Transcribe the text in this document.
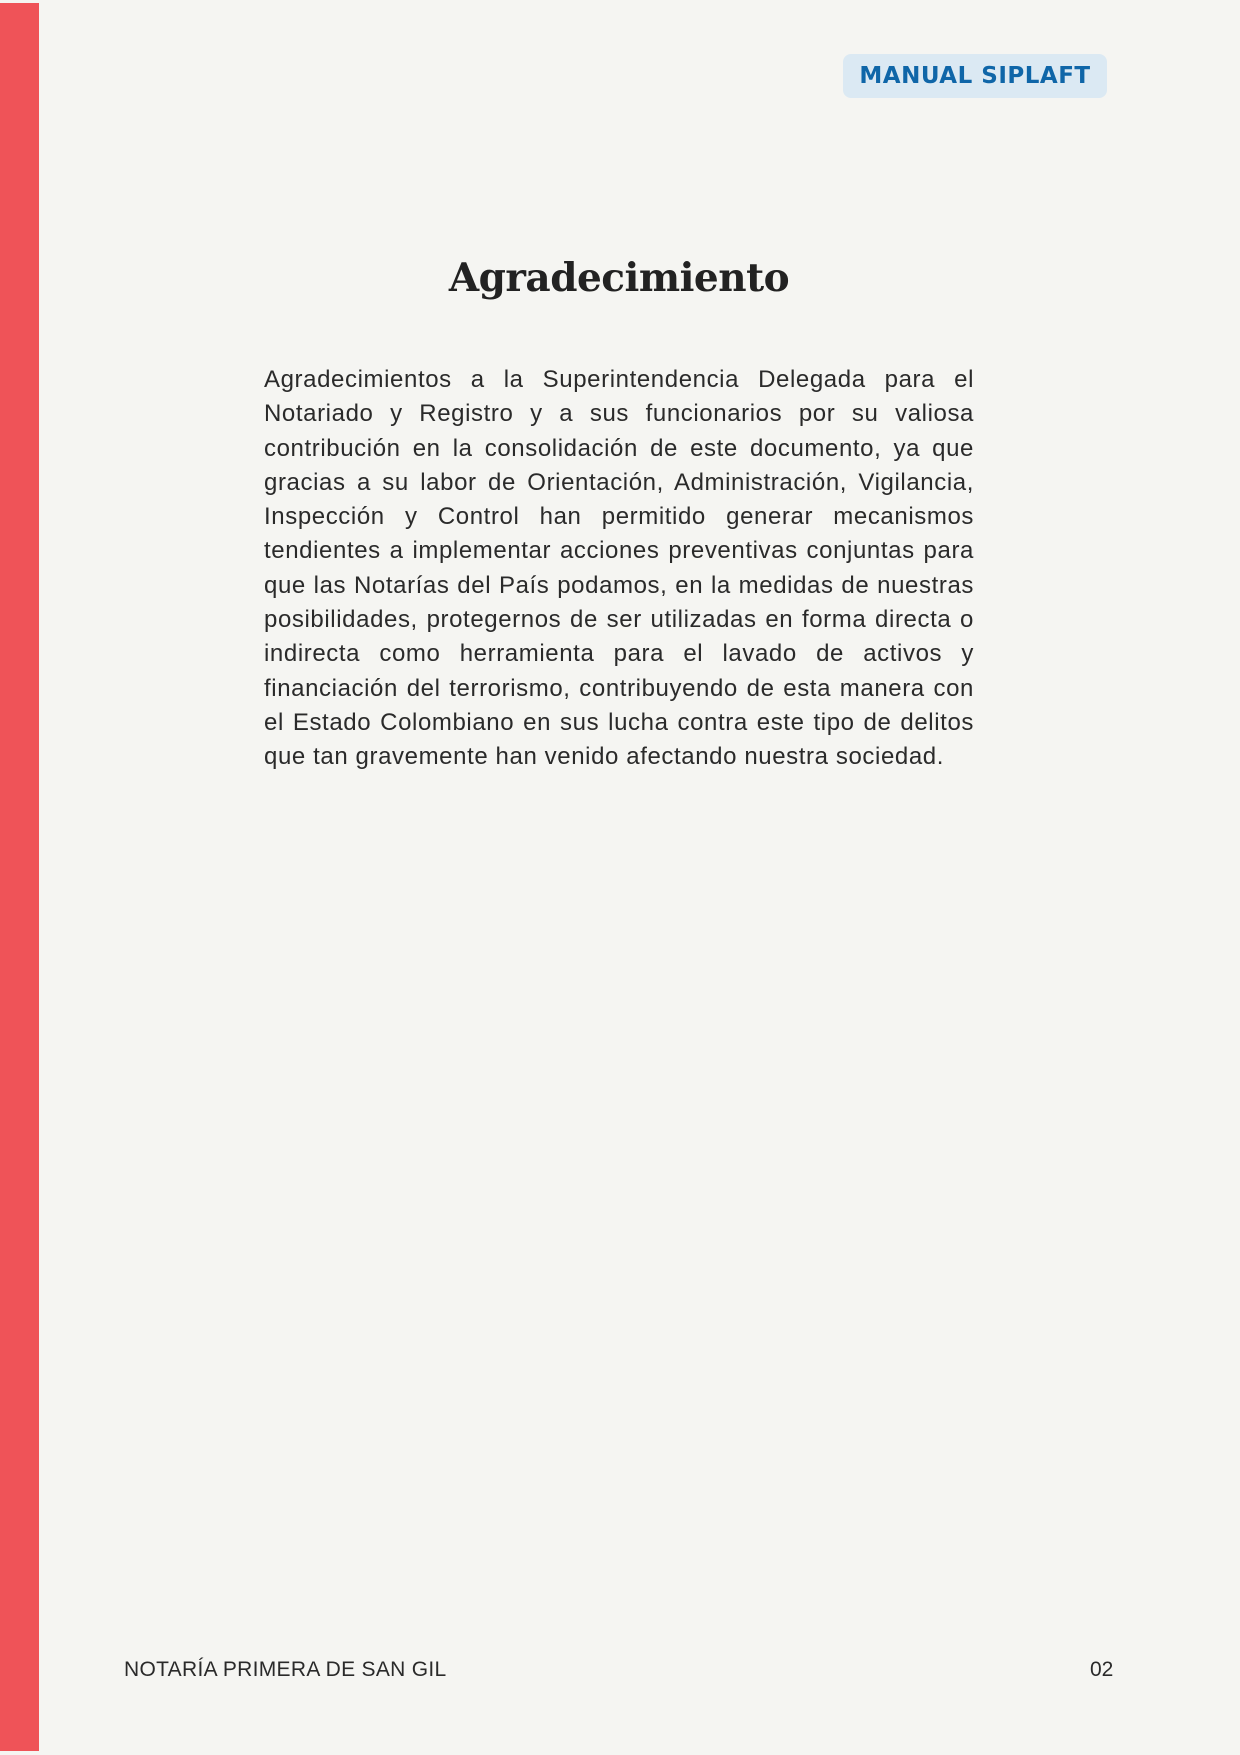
MANUAL SIPLAFT
Agradecimiento

Agradecimientos a la Superintendencia Delegada para el Notariado y Registro y a sus funcionarios por su valiosa contribución en la consolidación de este documento, ya que gracias a su labor de Orientación, Administración, Vigilancia, Inspección y Control han permitido generar mecanismos tendientes a implementar acciones preventivas conjuntas para que las Notarías del País podamos, en la medidas de nuestras posibilidades, protegernos de ser utilizadas en forma directa o indirecta como herramienta para el lavado de activos y financiación del terrorismo, contribuyendo de esta manera con el Estado Colombiano en sus lucha contra este tipo de delitos que tan gravemente han venido afectando nuestra sociedad.

NOTARÍA PRIMERA DE SAN GIL	02
